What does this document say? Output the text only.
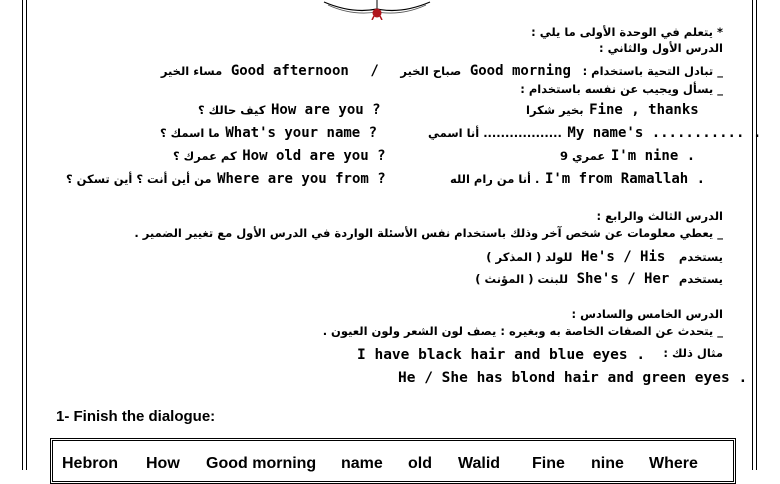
* يتعلم في الوحدة الأولى ما يلي :
الدرس الأول والثاني :
_ تبادل التحية باستخدام : Good morning صباح الخير / Good afternoon مساء الخير
_ يسأل ويجيب عن نفسه باستخدام :
كيف حالك ؟ How are you ?	بخير شكرا Fine , thanks
ما اسمك ؟ What's your name ?	أنا اسمي .................. My name's ........... .
كم عمرك ؟ How old are you ?	عمري 9 I'm nine .
من أين أنت ؟ أين تسكن ؟ Where are you from ?	أنا من رام الله . I'm from Ramallah .
الدرس الثالث والرابع :
_ يعطي معلومات عن شخص آخر وذلك باستخدام نفس الأسئلة الواردة في الدرس الأول مع تغيير الضمير .
يستخدم He's / His للولد ( المذكر )
يستخدم She's / Her للبنت ( المؤنث )
الدرس الخامس والسادس :
_ يتحدث عن الصفات الخاصة به وبغيره : يصف لون الشعر ولون العيون .
مثال ذلك :
I have black hair and blue eyes .
He / She has blond hair and green eyes .
1- Finish the dialogue:
Hebron How Good morning name old Walid Fine nine Where
